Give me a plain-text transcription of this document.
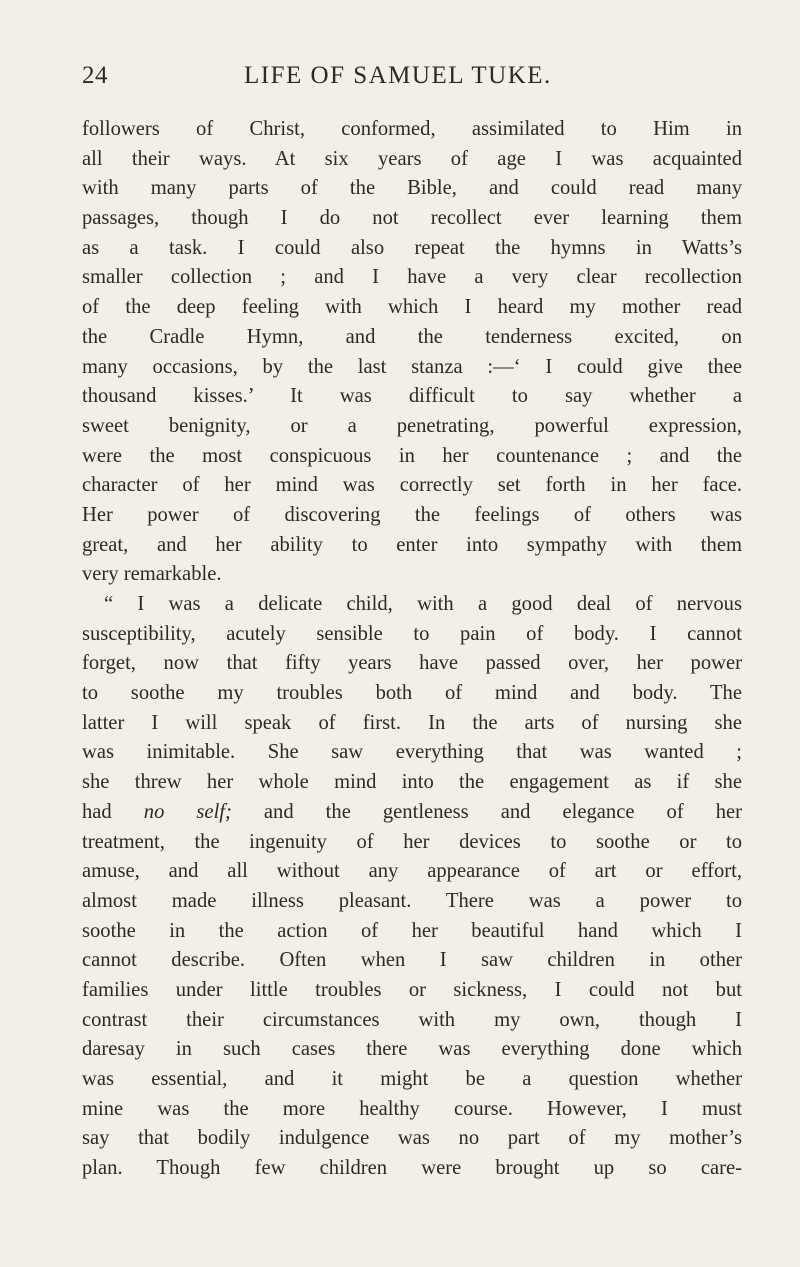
24	LIFE OF SAMUEL TUKE.
followers of Christ, conformed, assimilated to Him in
all their ways. At six years of age I was acquainted
with many parts of the Bible, and could read many
passages, though I do not recollect ever learning them
as a task. I could also repeat the hymns in Watts’s
smaller collection ; and I have a very clear recollection
of the deep feeling with which I heard my mother read
the Cradle Hymn, and the tenderness excited, on
many occasions, by the last stanza :—‘ I could give thee
thousand kisses.’ It was difficult to say whether a
sweet benignity, or a penetrating, powerful expression,
were the most conspicuous in her countenance ; and the
character of her mind was correctly set forth in her face.
Her power of discovering the feelings of others was
great, and her ability to enter into sympathy with them
very remarkable.
“ I was a delicate child, with a good deal of nervous
susceptibility, acutely sensible to pain of body. I cannot
forget, now that fifty years have passed over, her power
to soothe my troubles both of mind and body. The
latter I will speak of first. In the arts of nursing she
was inimitable. She saw everything that was wanted ;
she threw her whole mind into the engagement as if she
had no self; and the gentleness and elegance of her
treatment, the ingenuity of her devices to soothe or to
amuse, and all without any appearance of art or effort,
almost made illness pleasant. There was a power to
soothe in the action of her beautiful hand which I
cannot describe. Often when I saw children in other
families under little troubles or sickness, I could not but
contrast their circumstances with my own, though I
daresay in such cases there was everything done which
was essential, and it might be a question whether
mine was the more healthy course. However, I must
say that bodily indulgence was no part of my mother’s
plan. Though few children were brought up so care-
